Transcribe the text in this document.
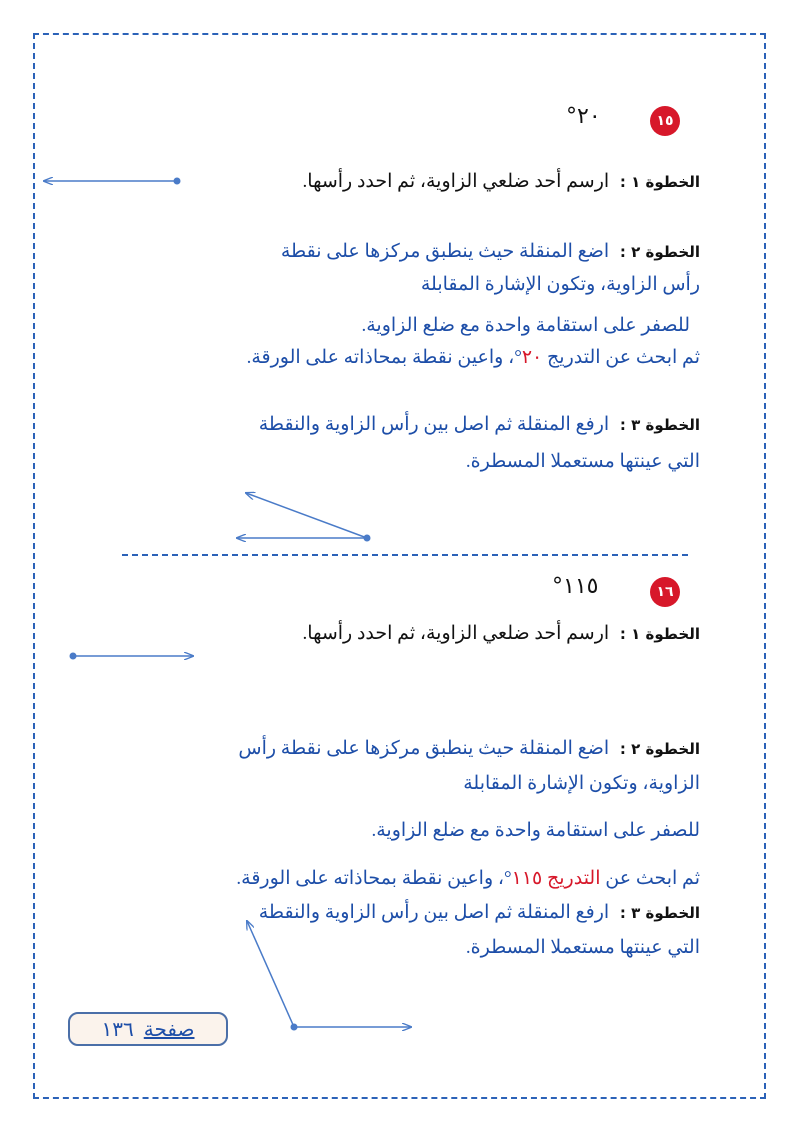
١٥
°٢٠
الخطوة ١ : ارسم أحد ضلعي الزاوية، ثم احدد رأسها.
الخطوة ٢ : اضع المنقلة حيث ينطبق مركزها على نقطة
رأس الزاوية، وتكون الإشارة المقابلة
للصفر على استقامة واحدة مع ضلع الزاوية.
ثم ابحث عن التدريج ٢٠°، واعين نقطة بمحاذاته على الورقة.
الخطوة ٣ : ارفع المنقلة ثم اصل بين رأس الزاوية والنقطة
التي عينتها مستعملا المسطرة.
١٦
°١١٥
الخطوة ١ : ارسم أحد ضلعي الزاوية، ثم احدد رأسها.
الخطوة ٢ : اضع المنقلة حيث ينطبق مركزها على نقطة رأس
الزاوية، وتكون الإشارة المقابلة
للصفر على استقامة واحدة مع ضلع الزاوية.
ثم ابحث عن التدريج ١١٥°، واعين نقطة بمحاذاته على الورقة.
الخطوة ٣ : ارفع المنقلة ثم اصل بين رأس الزاوية والنقطة
التي عينتها مستعملا المسطرة.
صفحة
١٣٦
